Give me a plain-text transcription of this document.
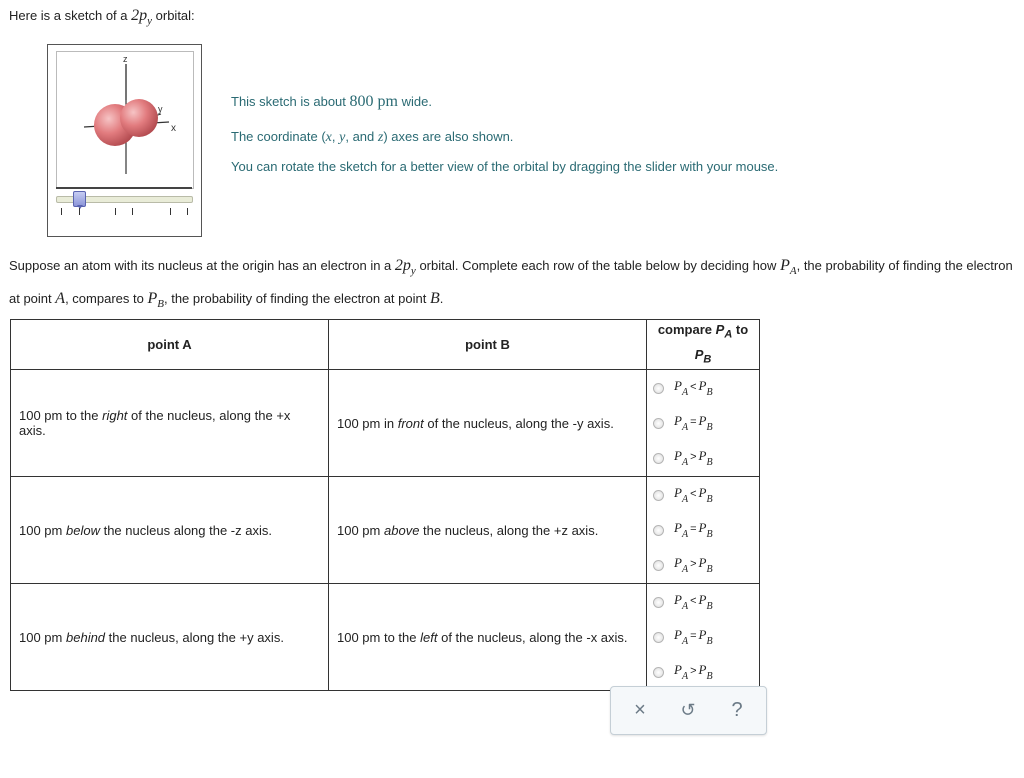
Here is a sketch of a $2p_y$ orbital:
z
y
x
This sketch is about 800 pm wide.
The coordinate (x, y, and z) axes are also shown.
You can rotate the sketch for a better view of the orbital by dragging the slider with your mouse.
Suppose an atom with its nucleus at the origin has an electron in a $2p_y$ orbital. Complete each row of the table below by deciding how $P_A$, the probability of finding the electron at point A, compares to $P_B$, the probability of finding the electron at point B.
point A	point B	compare $P_A$ to
$P_B$
100 pm to the right of the nucleus, along the +x axis.	100 pm in front of the nucleus, along the -y axis.	$P_A < P_B$
$P_A = P_B$
$P_A > P_B$

100 pm below the nucleus along the -z axis.	100 pm above the nucleus, along the +z axis.	$P_A < P_B$
$P_A = P_B$
$P_A > P_B$

100 pm behind the nucleus, along the +y axis.	100 pm to the left of the nucleus, along the -x axis.	$P_A < P_B$
$P_A = P_B$
$P_A > P_B$
×	↺	?
